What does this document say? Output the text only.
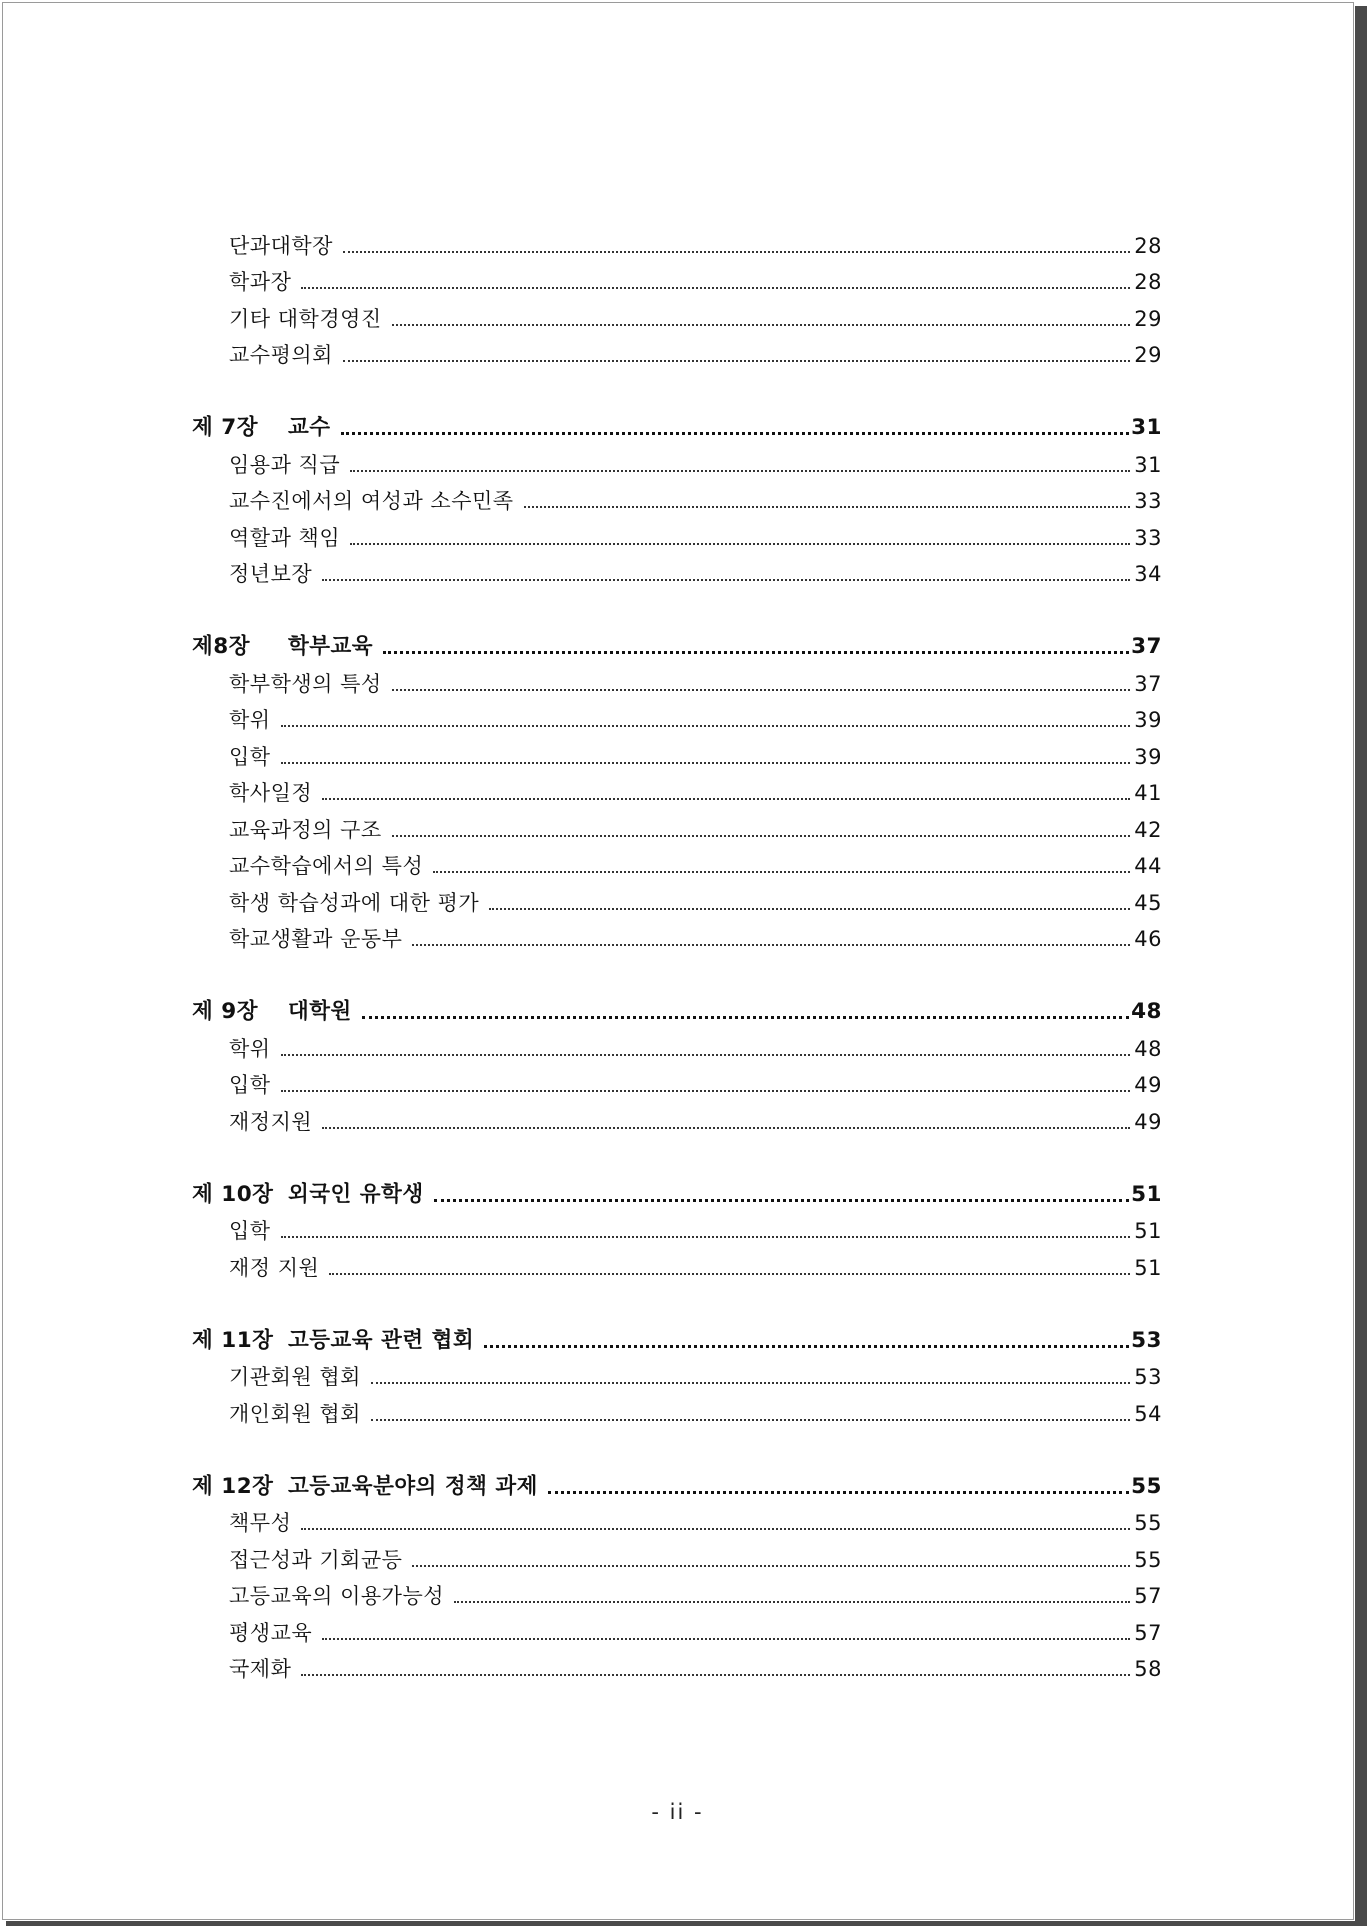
단과대학장	28
학과장	28
기타 대학경영진	29
교수평의회	29
제 7장 교수	31
임용과 직급	31
교수진에서의 여성과 소수민족	33
역할과 책임	33
정년보장	34
제8장 학부교육	37
학부학생의 특성	37
학위	39
입학	39
학사일정	41
교육과정의 구조	42
교수학습에서의 특성	44
학생 학습성과에 대한 평가	45
학교생활과 운동부	46
제 9장 대학원	48
학위	48
입학	49
재정지원	49
제 10장 외국인 유학생	51
입학	51
재정 지원	51
제 11장 고등교육 관련 협회	53
기관회원 협회	53
개인회원 협회	54
제 12장 고등교육분야의 정책 과제	55
책무성	55
접근성과 기회균등	55
고등교육의 이용가능성	57
평생교육	57
국제화	58
- ii -
